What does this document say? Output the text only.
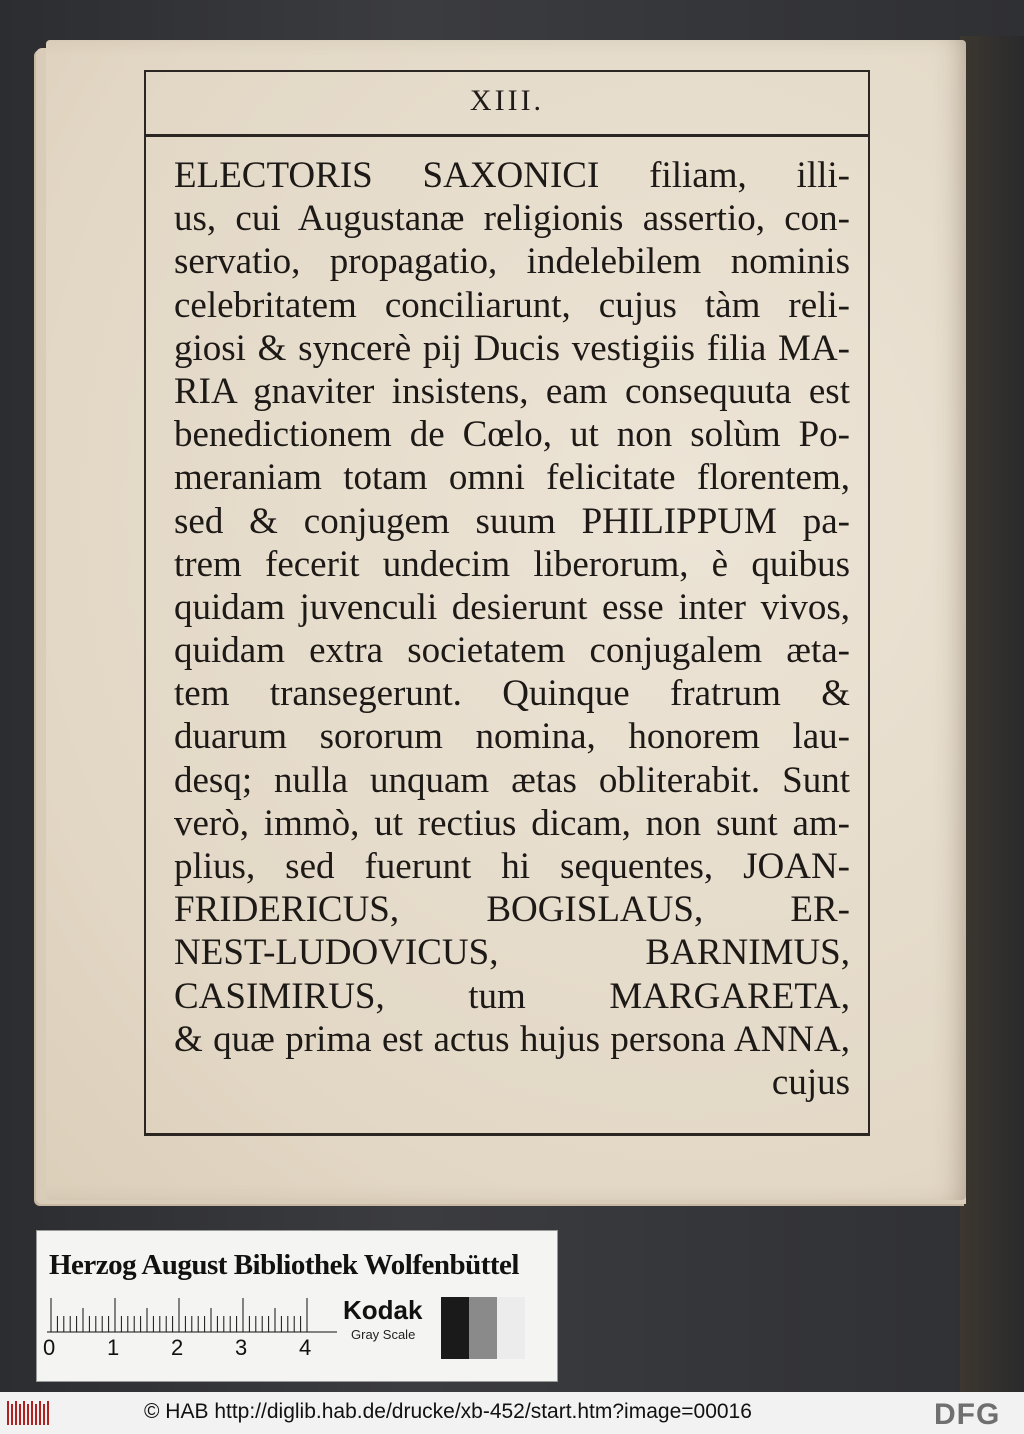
XIII.
ELECTORIS SAXONICI filiam, illi-
us, cui Augustanæ religionis assertio, con-
servatio, propagatio, indelebilem nominis
celebritatem conciliarunt, cujus tàm reli-
giosi & syncerè pij Ducis vestigiis filia MA-
RIA gnaviter insistens, eam consequuta est
benedictionem de Cœlo, ut non solùm Po-
meraniam totam omni felicitate florentem,
sed & conjugem suum PHILIPPUM pa-
trem fecerit undecim liberorum, è quibus
quidam juvenculi desierunt esse inter vivos,
quidam extra societatem conjugalem æta-
tem transegerunt. Quinque fratrum &
duarum sororum nomina, honorem lau-
desq; nulla unquam ætas obliterabit. Sunt
verò, immò, ut rectius dicam, non sunt am-
plius, sed fuerunt hi sequentes, JOAN-
FRIDERICUS, BOGISLAUS, ER-
NEST-LUDOVICUS, BARNIMUS,
CASIMIRUS, tum MARGARETA,
& quæ prima est actus hujus persona ANNA,
cujus
Herzog August Bibliothek Wolfenbüttel
0 1 2 3 4
Kodak
Gray Scale
© HAB http://diglib.hab.de/drucke/xb-452/start.htm?image=00016	DFG
